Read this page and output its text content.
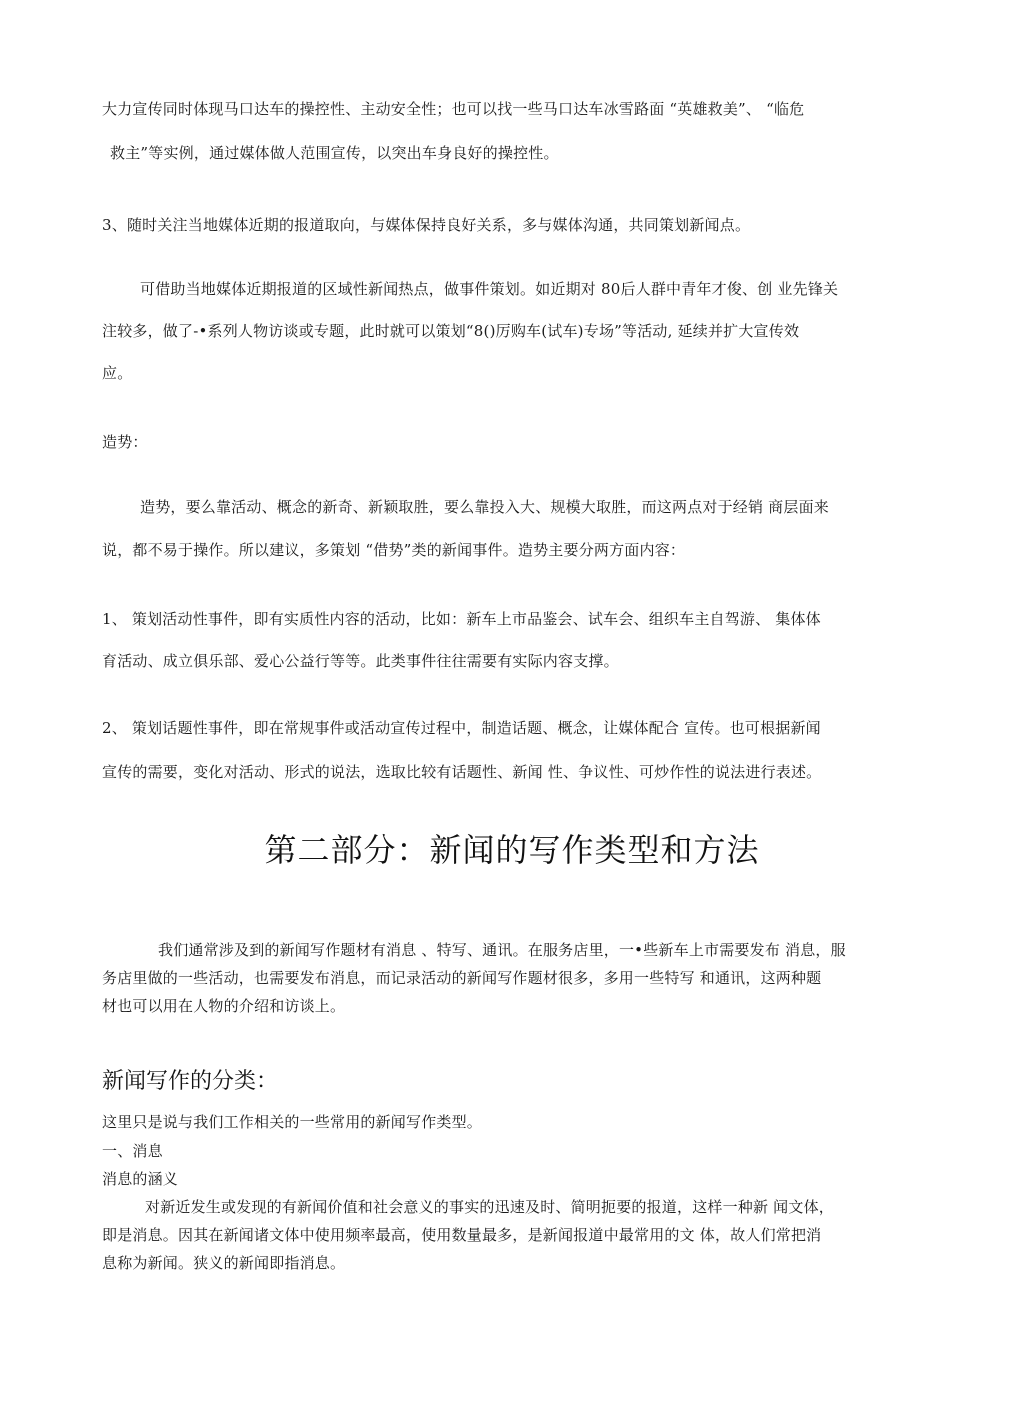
大力宣传同时体现马口达车的操控性、主动安全性；也可以找一些马口达车冰雪路面 “英雄救美”、 “临危
救主”等实例，通过媒体做人范围宣传，以突出车身良好的操控性。
3、随时关注当地媒体近期的报道取向，与媒体保持良好关系，多与媒体沟通，共同策划新闻点。
可借助当地媒体近期报道的区域性新闻热点，做事件策划。如近期对 80后人群中青年才俊、创 业先锋关
注较多，做了-•系列人物访谈或专题，此时就可以策划“8()厉购车(试车)专场”等活动, 延续并扩大宣传效
应。
造势：
造势，要么靠活动、概念的新奇、新颖取胜，要么靠投入大、规模大取胜，而这两点对于经销 商层面来
说，都不易于操作。所以建议，多策划 “借势”类的新闻事件。造势主要分两方面内容：
1、 策划活动性事件，即有实质性内容的活动，比如：新车上市品鉴会、试车会、组织车主自驾游、 集体体
育活动、成立俱乐部、爱心公益行等等。此类事件往往需要有实际内容支撑。
2、 策划话题性事件，即在常规事件或活动宣传过程中，制造话题、概念，让媒体配合 宣传。也可根据新闻
宣传的需要，变化对活动、形式的说法，选取比较有话题性、新闻 性、争议性、可炒作性的说法进行表述。
第二部分：新闻的写作类型和方法
我们通常涉及到的新闻写作题材有消息 、特写、通讯。在服务店里，一•些新车上市需要发布 消息，服
务店里做的一些活动，也需要发布消息，而记录活动的新闻写作题材很多，多用一些特写 和通讯，这两种题
材也可以用在人物的介绍和访谈上。
新闻写作的分类：
这里只是说与我们工作相关的一些常用的新闻写作类型。
一、消息
消息的涵义
对新近发生或发现的有新闻价值和社会意义的事实的迅速及时、简明扼要的报道，这样一种新 闻文体，
即是消息。因其在新闻诸文体中使用频率最高，使用数量最多，是新闻报道中最常用的文 体，故人们常把消
息称为新闻。狭义的新闻即指消息。
